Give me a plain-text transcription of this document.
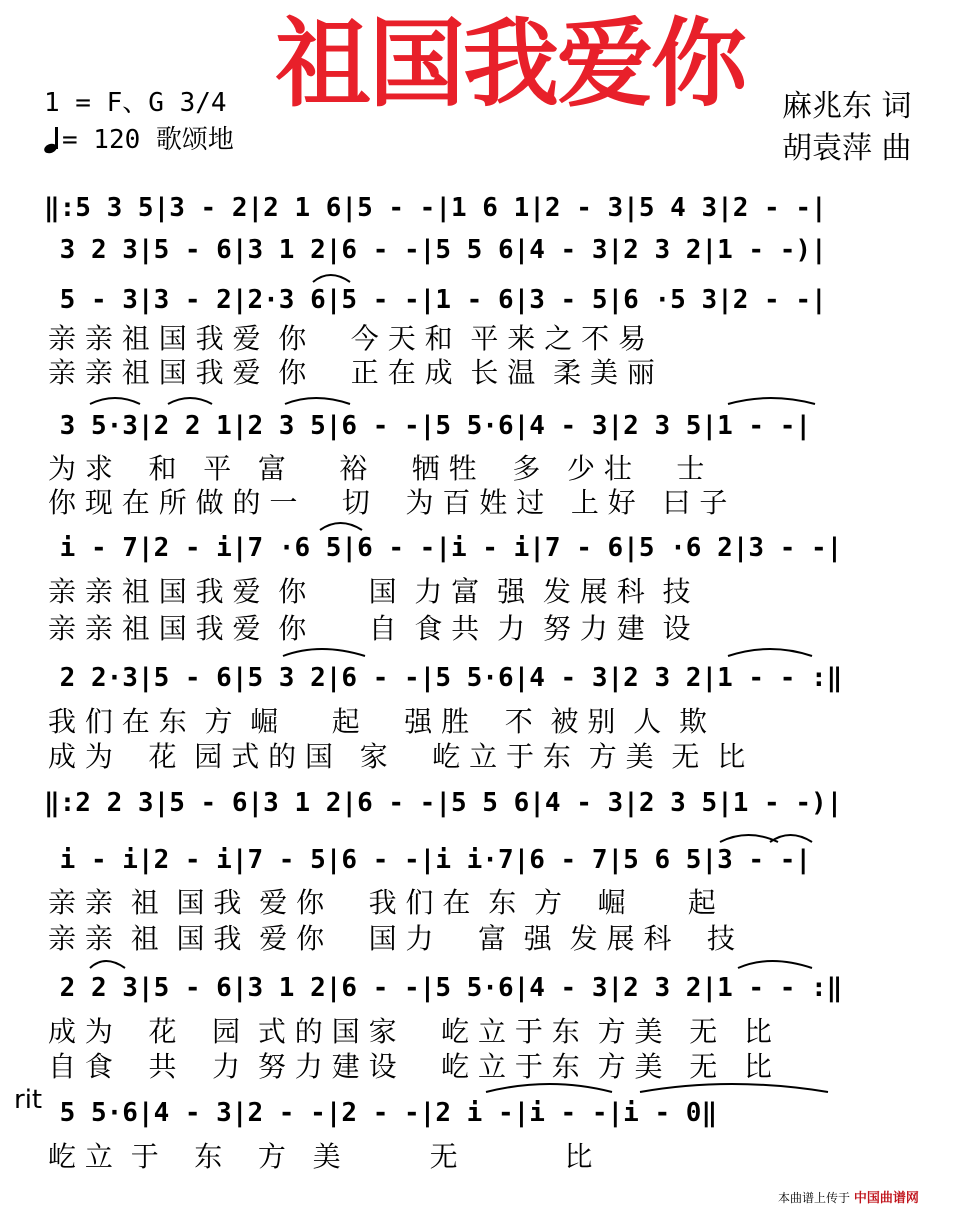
祖国我爱你
1 = F、G 3/4
= 120 歌颂地
麻兆东 词
胡袁萍 曲
‖:5 3 5|3 - 2|2 1 6|5 - -|1 6 1|2 - 3|5 4 3|2 - -|
3 2 3|5 - 6|3 1 2|6 - -|5 5 6|4 - 3|2 3 2|1 - -)|
5 - 3|3 - 2|2·3 6|5 - -|1 - 6|3 - 5|6 ·5 3|2 - -|
亲 亲 祖 国 我 爱  你     今 天 和  平 来 之 不 易
亲 亲 祖 国 我 爱  你     正 在 成  长 温  柔 美 丽
3 5·3|2 2 1|2 3 5|6 - -|5 5·6|4 - 3|2 3 5|1 - -|
为 求    和   平   富      裕     牺 牲    多   少 壮     士
你 现 在 所 做 的 一     切    为 百 姓 过   上 好   曰 子
i - 7|2 - i|7 ·6 5|6 - -|i - i|7 - 6|5 ·6 2|3 - -|
亲 亲 祖 国 我 爱  你       国  力 富  强  发 展 科  技
亲 亲 祖 国 我 爱  你       自  食 共  力  努 力 建  设
2 2·3|5 - 6|5 3 2|6 - -|5 5·6|4 - 3|2 3 2|1 - - :‖
我 们 在 东  方  崛      起     强 胜    不  被 别  人  欺
成 为    花  园 式 的 国   家     屹 立 于 东  方 美  无  比
‖:2 2 3|5 - 6|3 1 2|6 - -|5 5 6|4 - 3|2 3 5|1 - -)|
i - i|2 - i|7 - 5|6 - -|i i·7|6 - 7|5 6 5|3 - -|
亲 亲  祖  国 我  爱 你     我 们 在  东  方    崛       起
亲 亲  祖  国 我  爱 你     国 力     富  强  发 展 科    技
2 2 3|5 - 6|3 1 2|6 - -|5 5·6|4 - 3|2 3 2|1 - - :‖
成 为    花    园  式 的 国 家     屹 立 于 东  方 美   无   比
自 食    共    力  努 力 建 设     屹 立 于 东  方 美   无   比
rit 5 5·6|4 - 3|2 - -|2 - -|2 i -|i - -|i - 0‖
屹 立  于    东    方   美          无            比
本曲谱上传于 中国曲谱网
